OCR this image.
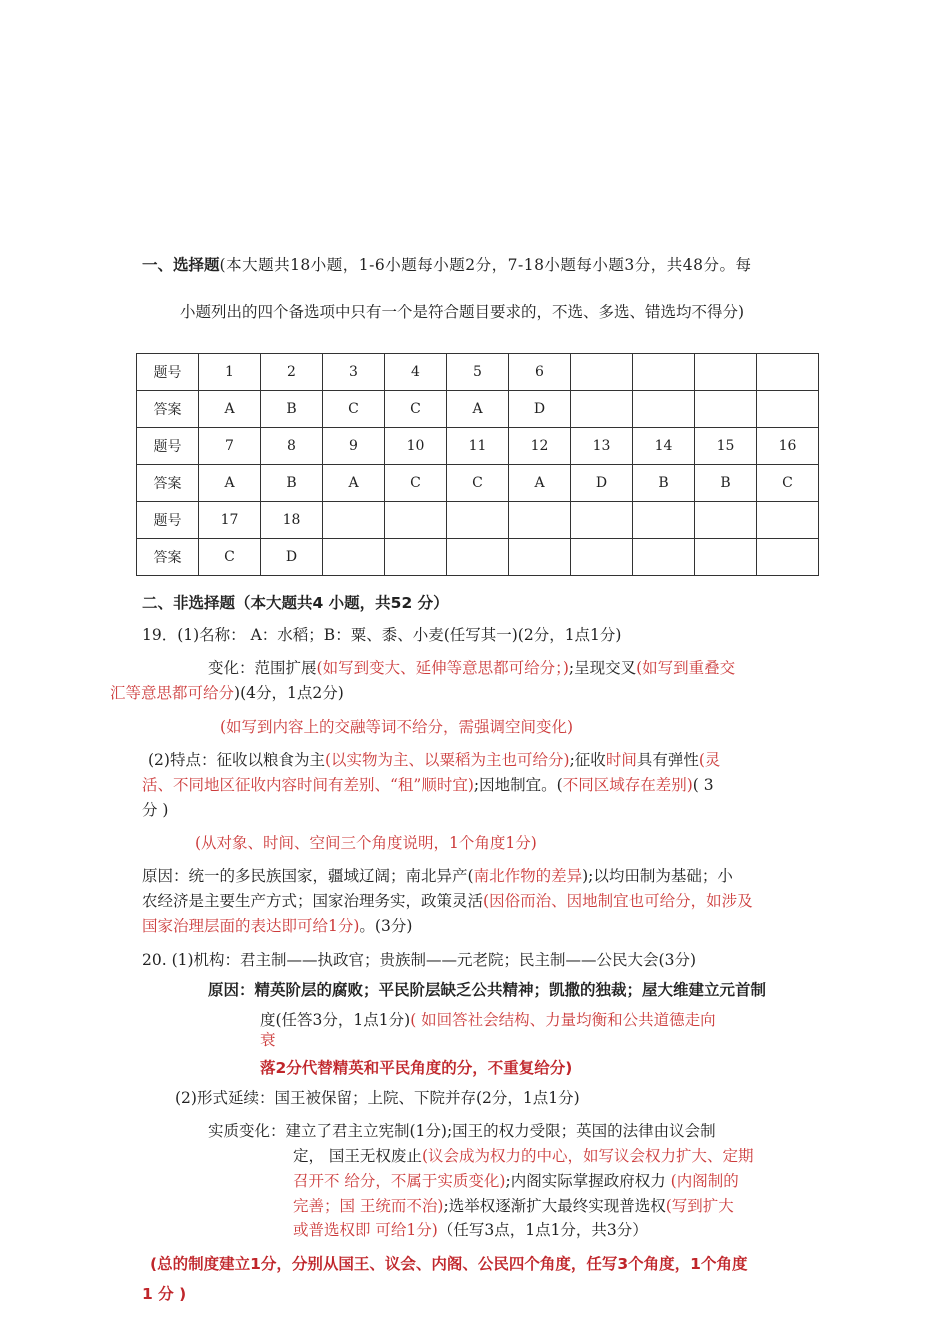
一、选择题(本大题共18小题，1-6小题每小题2分，7-18小题每小题3分，共48分。每
小题列出的四个备选项中只有一个是符合题目要求的，不选、多选、错选均不得分)
题号	1	2	3	4	5	6				
答案	A	B	C	C	A	D				
题号	7	8	9	10	11	12	13	14	15	16
答案	A	B	A	C	C	A	D	B	B	C
题号	17	18								
答案	C	D								
二、非选择题（本大题共4 小题，共52 分）
19．(1)名称： A：水稻；B：粟、黍、小麦(任写其一)(2分，1点1分)
变化：范围扩展(如写到变大、延伸等意思都可给分；);呈现交叉(如写到重叠交
汇等意思都可给分)(4分，1点2分)
(如写到内容上的交融等词不给分，需强调空间变化)
(2)特点：征收以粮食为主(以实物为主、以粟稻为主也可给分);征收时间具有弹性(灵
活、不同地区征收内容时间有差别、“租”顺时宜);因地制宜。(不同区域存在差别)( 3
分 )
(从对象、时间、空间三个角度说明，1个角度1分)
原因：统一的多民族国家，疆域辽阔；南北异产(南北作物的差异);以均田制为基础；小
农经济是主要生产方式；国家治理务实，政策灵活(因俗而治、因地制宜也可给分，如涉及
国家治理层面的表达即可给1分)。(3分)
20. (1)机构：君主制——执政官；贵族制——元老院；民主制——公民大会(3分)
原因：精英阶层的腐败；平民阶层缺乏公共精神；凯撒的独裁；屋大维建立元首制
度(任答3分，1点1分)( 如回答社会结构、力量均衡和公共道德走向
衰
落2分代替精英和平民角度的分，不重复给分)
(2)形式延续：国王被保留；上院、下院并存(2分，1点1分)
实质变化：建立了君主立宪制(1分);国王的权力受限；英国的法律由议会制
定， 国王无权废止(议会成为权力的中心，如写议会权力扩大、定期
召开不 给分，不属于实质变化);内阁实际掌握政府权力 (内阁制的
完善；国 王统而不治);选举权逐渐扩大最终实现普选权(写到扩大
或普选权即 可给1分)（任写3点，1点1分，共3分）
(总的制度建立1分，分别从国王、议会、内阁、公民四个角度，任写3个角度，1个角度
1 分 )
